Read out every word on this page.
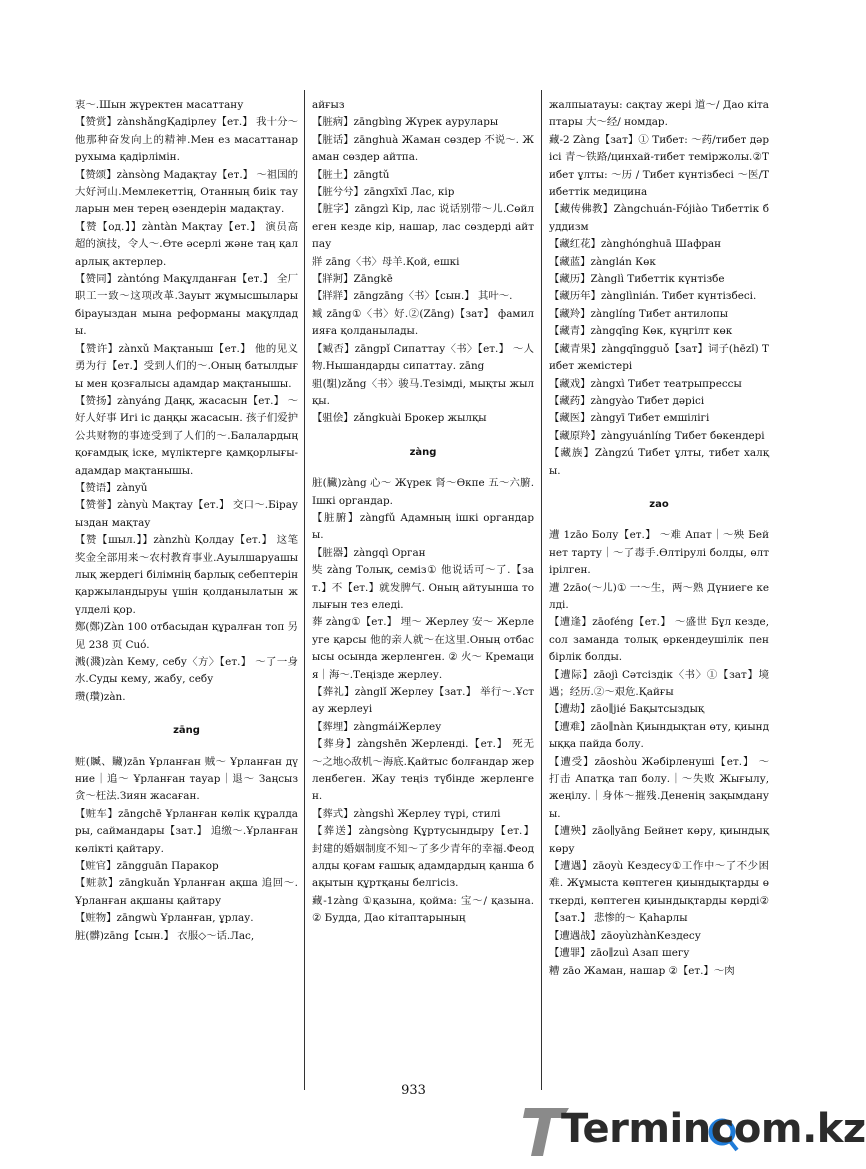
衷～.Шын жүректен масаттану
【赞赏】zànshǎngҚадірлеу【ет.】 我十分～他那种奋发向上的精神.Мен ез масаттанар рухыма қадірлімін.
【赞颂】zànsòng Мадақтау【ет.】 ～祖国的大好河山.Мемлекеттің, Отанның биік тауларын мен терең өзендерін мадақтау.
【赞【од.】】zàntàn Мақтау【ет.】 演员高超的演技，令人～.Өте әсерлі және таң қаларлық актерлер.
【赞同】zàntóng Мақұлданған【ет.】 全厂职工一致～这项改革.Зауыт жұмысшылары бірауыздан мына реформаны мақұлдады.
【赞许】zànxǔ Мақтаныш【ет.】 他的见义勇为行【ет.】受到人们的～.Оның батылдығы мен қозғалысы адамдар мақтанышы.
【赞扬】zànyáng Даңқ, жасасын【ет.】 ～好人好事 Игі іс даңқы жасасын. 孩子们爱护公共财物的事迹受到了人们的～.Балалардың қоғамдық іске, мүліктерге қамқорлығы- адамдар мақтанышы.
【赞语】zànyǔ
【赞誉】zànyù Мақтау【ет.】 交口～.Бірауыздан мақтау
【赞【шыл.】】zànzhù Қолдау【ет.】 这笔奖金全部用来～农村教育事业.Ауылшаруашылық жердегі білімнің барлық себептерін қаржыландыруы үшін қолданылатын жүлделі қор.
鄭(鄭)Zàn 100 отбасыдан құралған топ 另见 238 页 Cuó.
溅(濺)zàn Кему, себу〈方〉【ет.】 ～了一身水.Суды кему, жабу, себу
瓒(瓚)zàn.
zāng
赃(贓、贜)zān Ұрланған 贼～ Ұрланған дүние｜追～ Ұрланған тауар｜退～ Заңсыз 贪～枉法.Зиян жасаған.
【赃车】zāngchē Ұрланған көлік құралдары, саймандары【зат.】 追缴～.Ұрланған көлікті қайтару.
【赃官】zāngguān Паракор
【赃款】zāngkuǎn Ұрланған ақша 追回～. Ұрланған ақшаны қайтару
【赃物】zāngwù Ұрланған, ұрлау.
脏(髒)zāng【сын.】 衣服◇～话.Лас,
айғыз
【脏病】zāngbìng Жүрек аурулары
【脏话】zānghuà Жаман сөздер 不说～. Жаман сөздер айтпа.
【脏土】zāngtǔ
【脏兮兮】zāngxīxī Лас, кір
【脏字】zāngzì Кір, лас 说话别带～儿.Сөйлеген кезде кір, нашар, лас сөздерді айтпау
牂 zāng〈书〉母羊.Қой, ешкі
【牂牁】Zāngkē
【牂牂】zāngzāng〈书〉【сын.】 其叶～.
臧 zāng①〈书〉好.②(Zāng)【зат】 фамилияға қолданылады.
【臧否】zāngpǐ Сипаттау〈书〉【ет.】 ～人物.Нышандарды сипаттау. zāng
驵(駔)zǎng〈书〉骏马.Тезімді, мықты жылқы.
【驵侩】zǎngkuài Брокер жылқы
zàng
脏(臟)zàng 心～ Жүрек 肾～Өкпе 五～六腑.Ішкі органдар.
【脏腑】zàngfǔ Адамның ішкі органдары.
【脏器】zàngqì Орган
奘 zàng Толық, семіз① 他说话可～了.【зат.】不【ет.】就发脾气. Оның айтуынша толығын тез еледі.
葬 zàng①【ет.】 埋～ Жерлеу 安～ Жерлеуге қарсы 他的亲人就～在这里.Оның отбасысы осында жерленген. ② 火～ Кремация｜海～.Теңізде жерлеу.
【葬礼】zànglǐ Жерлеу【зат.】 举行～.Ұстау жерлеуі
【葬埋】zàngmáiЖерлеу
【葬身】zàngshēn Жерленді.【ет.】 死无～之地◇敌机～海底.Қайтыс болғандар жерленбеген. Жау теңіз түбінде жерленген.
【葬式】zàngshì Жерлеу түрі, стилі
【葬送】zàngsòng Құртусындыру【ет.】 封建的婚姻制度不知～了多少青年的幸福.Феодалды қоғам ғашық адамдардың қанша бақытын құртқаны белгісіз.
藏-1zàng ①қазына, қойма: 宝～/ қазына. ② Будда, Дао кітаптарының
жалпыатауы: сақтау жері 道～/ Дао кітаптары 大～经/ номдар.
藏-2 Zàng【зат】① Тибет: ～药/тибет дәрісі 青～铁路/цинхай-тибет теміржолы.②Тибет ұлты: ～历 / Тибет күнтізбесі ～医/Тибеттік медицина
【藏传佛教】Zàngchuán-Fójiào Тибеттік буддизм
【藏红花】zànghónghuā Шафран
【藏蓝】zànglán Көк
【藏历】Zànglì Тибеттік күнтізбе
【藏历年】zànglìnián. Тибет күнтізбесі.
【藏羚】zànglíng Тибет антилопы
【藏青】zàngqīng Көк, күңгілт көк
【藏青果】zàngqīngguǒ【зат】词子(hēzǐ) Тибет жемістері
【藏戏】zàngxì Тибет театрыпрессы
【藏药】zàngyào Тибет дәрісі
【藏医】zàngyī Тибет емшілігі
【藏原羚】zàngyuánlíng Тибет бөкендері
【藏族】Zàngzú Тибет ұлты, тибет халқы.
zao
遭 1zāo Болу【ет.】 ～难 Апат｜～殃 Бейнет тарту｜～了毒手.Өлтірулі болды, өлтірілген.
遭 2zāo(～儿)① 一～生，两～熟 Дүниеге келді.
【遭逢】zāoféng【ет.】 ～盛世 Бұл кезде, сол заманда толық өркендеушілік пен бірлік болды.
【遭际】zāojì Сәтсіздік〈书〉①【зат】境遇；经历.②～艰危.Қайғы
【遭劫】zāo∥jié Бақытсыздық
【遭难】zāo∥nàn Қиындықтан өту, қиындыққа пайда болу.
【遭受】zāoshòu Жәбірленуші【ет.】 ～打击 Апатқа тап болу.｜～失败 Жығылу, жеңілу.｜身体～摧残.Дененің зақымдануы.
【遭殃】zāo∥yāng Бейнет көру, қиындық көру
【遭遇】zāoyù Кездесу①工作中～了不少困难. Жұмыста көптеген қиындықтарды өткерді, көптеген қиындықтарды көрді②【зат.】 悲惨的～ Қаһарлы
【遭遇战】zāoyùzhànКездесу
【遭罪】zāo∥zuì Азап шегу
糟 zāo Жаман, нашар ②【ет.】～肉
933
Termincom.kz
